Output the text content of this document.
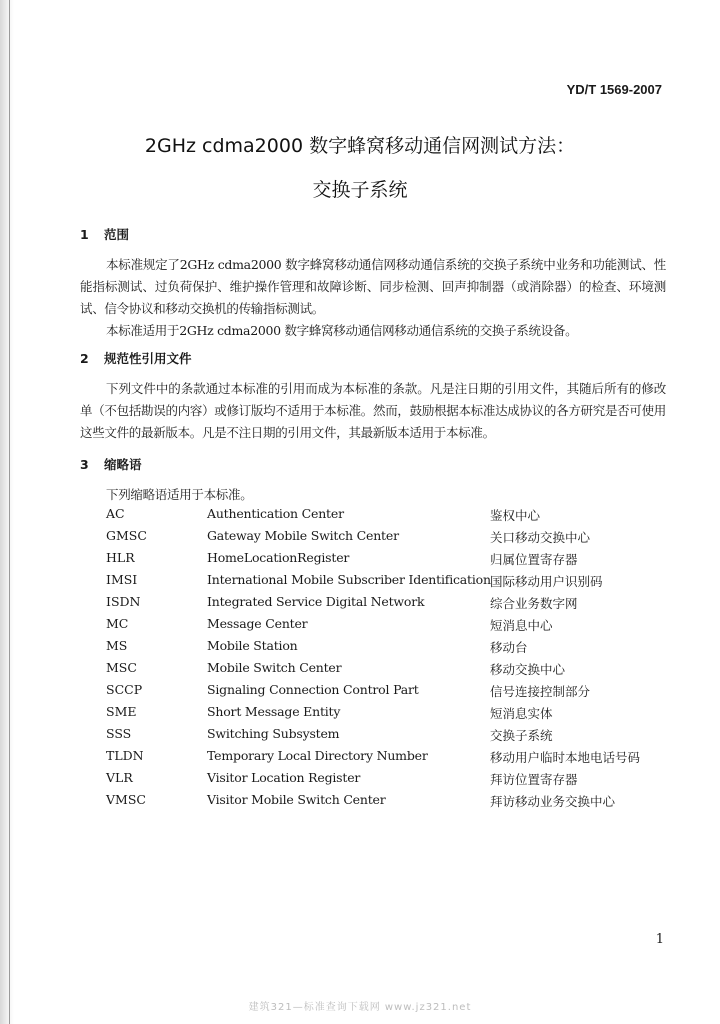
YD/T 1569-2007
2GHz cdma2000 数字蜂窝移动通信网测试方法：
交换子系统
1 范围
本标准规定了2GHz cdma2000 数字蜂窝移动通信网移动通信系统的交换子系统中业务和功能测试、性能指标测试、过负荷保护、维护操作管理和故障诊断、同步检测、回声抑制器（或消除器）的检查、环境测试、信令协议和移动交换机的传输指标测试。
本标准适用于2GHz cdma2000 数字蜂窝移动通信网移动通信系统的交换子系统设备。
2 规范性引用文件
下列文件中的条款通过本标准的引用而成为本标准的条款。凡是注日期的引用文件，其随后所有的修改单（不包括勘误的内容）或修订版均不适用于本标准。然而，鼓励根据本标准达成协议的各方研究是否可使用这些文件的最新版本。凡是不注日期的引用文件，其最新版本适用于本标准。
3 缩略语
下列缩略语适用于本标准。
AC	Authentication Center	鉴权中心
GMSC	Gateway Mobile Switch Center	关口移动交换中心
HLR	HomeLocationRegister	归属位置寄存器
IMSI	International Mobile Subscriber Identification 国际移动用户识别码
ISDN	Integrated Service Digital Network	综合业务数字网
MC	Message Center	短消息中心
MS	Mobile Station	移动台
MSC	Mobile Switch Center	移动交换中心
SCCP	Signaling Connection Control Part	信号连接控制部分
SME	Short Message Entity	短消息实体
SSS	Switching Subsystem	交换子系统
TLDN	Temporary Local Directory Number	移动用户临时本地电话号码
VLR	Visitor Location Register	拜访位置寄存器
VMSC	Visitor Mobile Switch Center	拜访移动业务交换中心
1
建筑321—标准查询下载网 www.jz321.net
